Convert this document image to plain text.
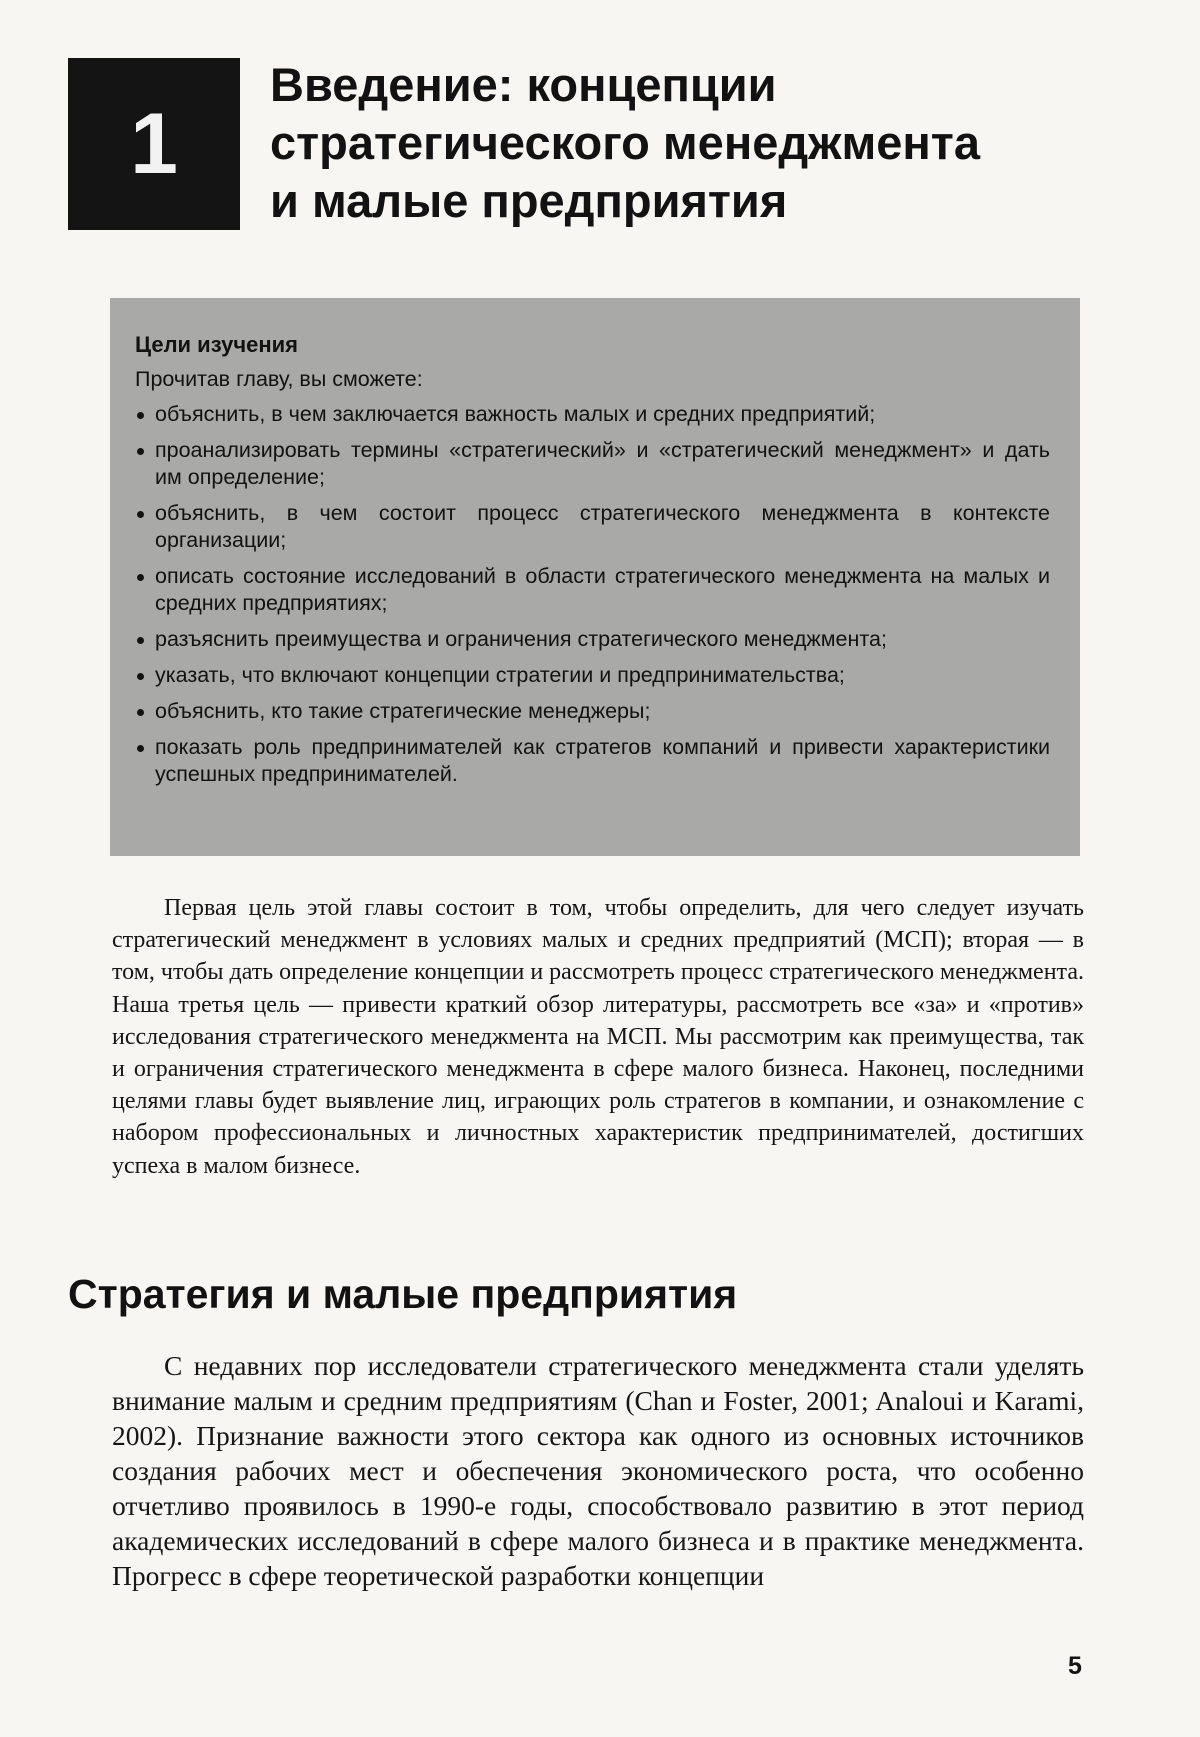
1
Введение: концепции
стратегического менеджмента
и малые предприятия
Цели изучения

Прочитав главу, вы сможете:

объяснить, в чем заключается важность малых и средних предприятий;
проанализировать термины «стратегический» и «стратегический менеджмент» и дать им определение;
объяснить, в чем состоит процесс стратегического менеджмента в контексте организации;
описать состояние исследований в области стратегического менеджмента на малых и средних предприятиях;
разъяснить преимущества и ограничения стратегического менеджмента;
указать, что включают концепции стратегии и предпринимательства;
объяснить, кто такие стратегические менеджеры;
показать роль предпринимателей как стратегов компаний и привести характеристики успешных предпринимателей.

Первая цель этой главы состоит в том, чтобы определить, для чего следует изучать стратегический менеджмент в условиях малых и средних предприятий (МСП); вторая — в том, чтобы дать определение концепции и рассмотреть процесс стратегического менеджмента. Наша третья цель — привести краткий обзор литературы, рассмотреть все «за» и «против» исследования стратегического менеджмента на МСП. Мы рассмотрим как преимущества, так и ограничения стратегического менеджмента в сфере малого бизнеса. Наконец, последними целями главы будет выявление лиц, играющих роль стратегов в компании, и ознакомление с набором профессиональных и личностных характеристик предпринимателей, достигших успеха в малом бизнесе.

Стратегия и малые предприятия

С недавних пор исследователи стратегического менеджмента стали уделять внимание малым и средним предприятиям (Chan и Foster, 2001; Analoui и Karami, 2002). Признание важности этого сектора как одного из основных источников создания рабочих мест и обеспечения экономического роста, что особенно отчетливо проявилось в 1990-е годы, способствовало развитию в этот период академических исследований в сфере малого бизнеса и в практике менеджмента. Прогресс в сфере теоретической разработки концепции

5
